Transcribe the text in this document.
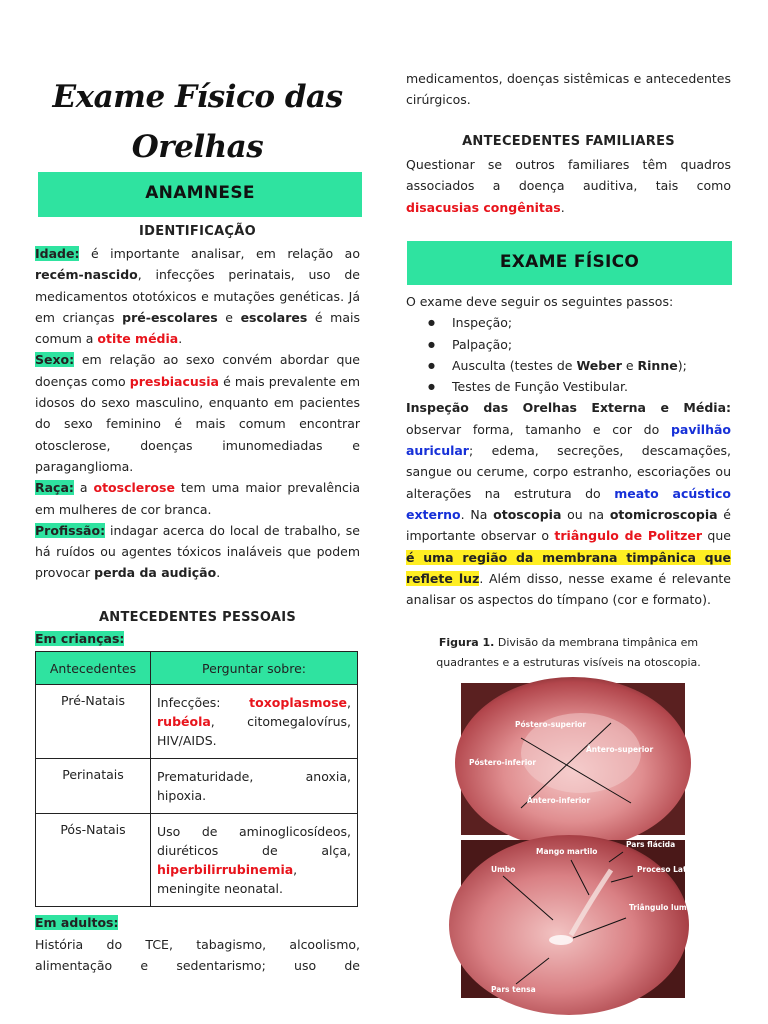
Exame Físico das
Orelhas
ANAMNESE
IDENTIFICAÇÃO

Idade: é importante analisar, em relação ao recém-nascido, infecções perinatais, uso de medicamentos ototóxicos e mutações genéticas. Já em crianças pré-escolares e escolares é mais comum a otite média.

Sexo: em relação ao sexo convém abordar que doenças como presbiacusia é mais prevalente em idosos do sexo masculino, enquanto em pacientes do sexo feminino é mais comum encontrar otosclerose, doenças imunomediadas e paraganglioma.

Raça: a otosclerose tem uma maior prevalência em mulheres de cor branca.

Profissão: indagar acerca do local de trabalho, se há ruídos ou agentes tóxicos inaláveis que podem provocar perda da audição.

ANTECEDENTES PESSOAIS
Em crianças:
Antecedentes	Perguntar sobre:
Pré-Natais	Infecções: toxoplasmose, rubéola, citomegalovírus, HIV/AIDS.
Perinatais	Prematuridade, anoxia, hipoxia.
Pós-Natais	Uso de aminoglicosídeos, diuréticos de alça, hiperbilirrubinemia, meningite neonatal.
Em adultos:

História do TCE, tabagismo, alcoolismo, alimentação e sedentarismo; uso de

medicamentos, doenças sistêmicas e antecedentes cirúrgicos.

ANTECEDENTES FAMILIARES

Questionar se outros familiares têm quadros associados a doença auditiva, tais como disacusias congênitas.

EXAME FÍSICO

O exame deve seguir os seguintes passos:

● Inspeção;
● Palpação;
● Ausculta (testes de Weber e Rinne);
● Testes de Função Vestibular.

Inspeção das Orelhas Externa e Média: observar forma, tamanho e cor do pavilhão auricular; edema, secreções, descamações, sangue ou cerume, corpo estranho, escoriações ou alterações na estrutura do meato acústico externo. Na otoscopia ou na otomicroscopia é importante observar o triângulo de Politzer que é uma região da membrana timpânica que reflete luz. Além disso, nesse exame é relevante analisar os aspectos do tímpano (cor e formato).

Figura 1. Divisão da membrana timpânica em quadrantes e a estruturas visíveis na otoscopia.
Póstero-superior
Ântero-superior
Póstero-inferior
Ântero-inferior
Mango martilo
Pars flácida
Umbo	Proceso Lateral
Triângulo luminoso
Pars tensa
